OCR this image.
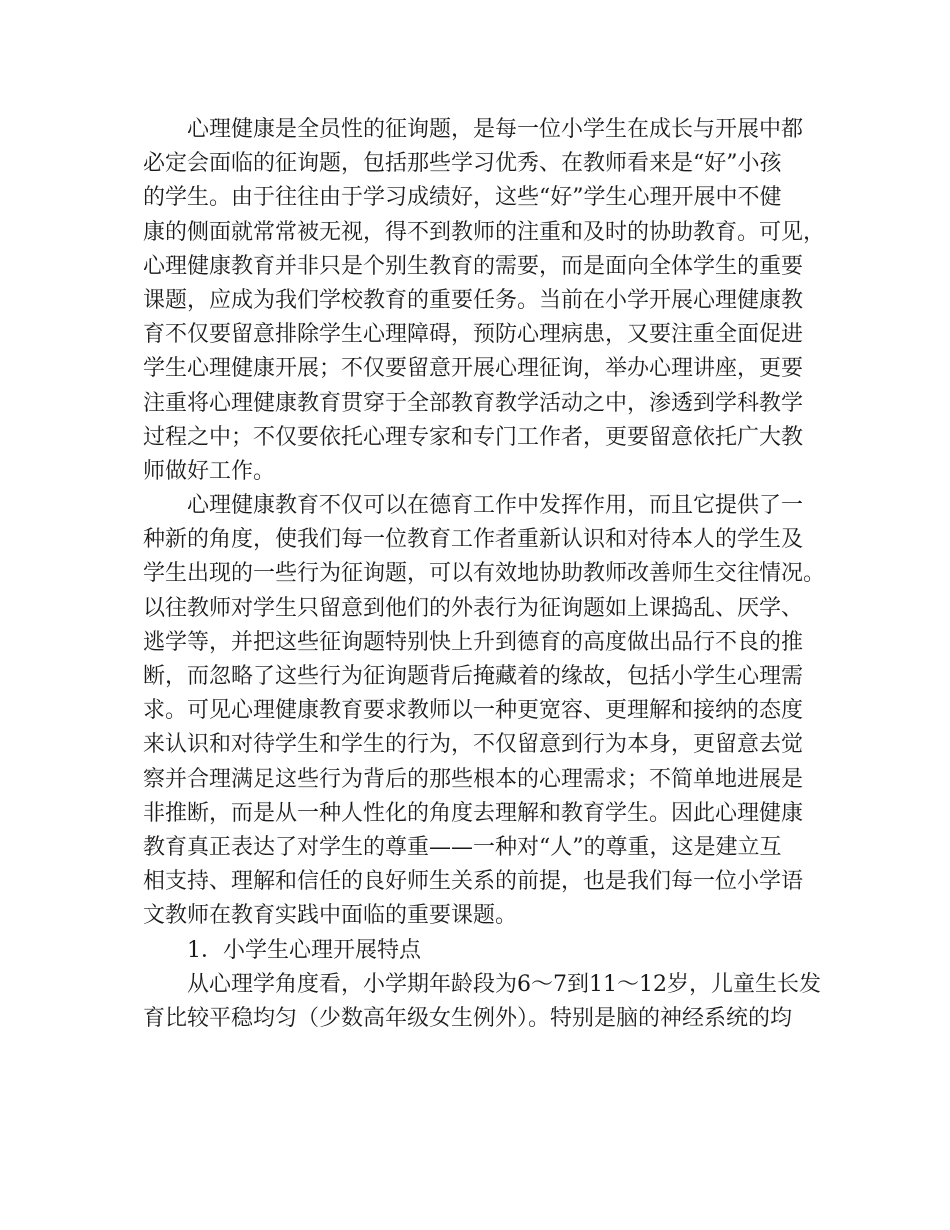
心理健康是全员性的征询题，是每一位小学生在成长与开展中都
必定会面临的征询题，包括那些学习优秀、在教师看来是“好”小孩
的学生。由于往往由于学习成绩好，这些“好”学生心理开展中不健
康的侧面就常常被无视，得不到教师的注重和及时的协助教育。可见，
心理健康教育并非只是个别生教育的需要，而是面向全体学生的重要
课题，应成为我们学校教育的重要任务。当前在小学开展心理健康教
育不仅要留意排除学生心理障碍，预防心理病患，又要注重全面促进
学生心理健康开展；不仅要留意开展心理征询，举办心理讲座，更要
注重将心理健康教育贯穿于全部教育教学活动之中，渗透到学科教学
过程之中；不仅要依托心理专家和专门工作者，更要留意依托广大教
师做好工作。
心理健康教育不仅可以在德育工作中发挥作用，而且它提供了一
种新的角度，使我们每一位教育工作者重新认识和对待本人的学生及
学生出现的一些行为征询题，可以有效地协助教师改善师生交往情况。
以往教师对学生只留意到他们的外表行为征询题如上课捣乱、厌学、
逃学等，并把这些征询题特别快上升到德育的高度做出品行不良的推
断，而忽略了这些行为征询题背后掩藏着的缘故，包括小学生心理需
求。可见心理健康教育要求教师以一种更宽容、更理解和接纳的态度
来认识和对待学生和学生的行为，不仅留意到行为本身，更留意去觉
察并合理满足这些行为背后的那些根本的心理需求；不简单地进展是
非推断，而是从一种人性化的角度去理解和教育学生。因此心理健康
教育真正表达了对学生的尊重——一种对“人”的尊重，这是建立互
相支持、理解和信任的良好师生关系的前提，也是我们每一位小学语
文教师在教育实践中面临的重要课题。
1．小学生心理开展特点
从心理学角度看，小学期年龄段为6～7到11～12岁，儿童生长发
育比较平稳均匀（少数高年级女生例外）。特别是脑的神经系统的均
